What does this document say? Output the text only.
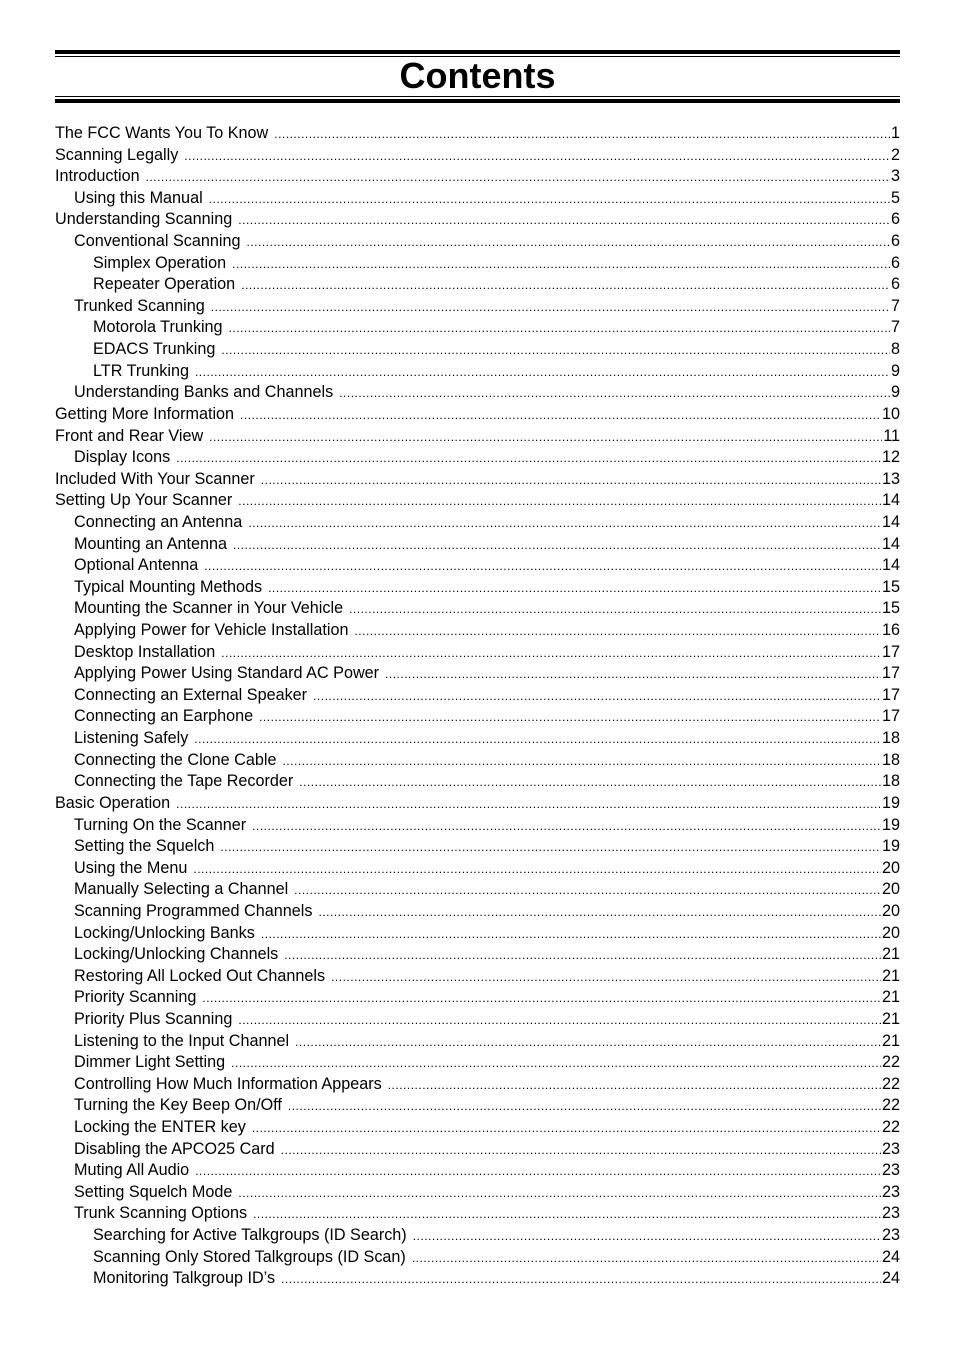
Contents
The FCC Wants You To Know .....	1
Scanning Legally .....	2
Introduction .....	3
Using this Manual .....	5
Understanding Scanning .....	6
Conventional Scanning .....	6
Simplex Operation .....	6
Repeater Operation .....	6
Trunked Scanning .....	7
Motorola Trunking .....	7
EDACS Trunking .....	8
LTR Trunking .....	9
Understanding Banks and Channels .....	9
Getting More Information .....	10
Front and Rear View .....	11
Display Icons .....	12
Included With Your Scanner .....	13
Setting Up Your Scanner .....	14
Connecting an Antenna .....	14
Mounting an Antenna .....	14
Optional Antenna .....	14
Typical Mounting Methods .....	15
Mounting the Scanner in Your Vehicle .....	15
Applying Power for Vehicle Installation .....	16
Desktop Installation .....	17
Applying Power Using Standard AC Power .....	17
Connecting an External Speaker .....	17
Connecting an Earphone .....	17
Listening Safely .....	18
Connecting the Clone Cable .....	18
Connecting the Tape Recorder .....	18
Basic Operation .....	19
Turning On the Scanner .....	19
Setting the Squelch .....	19
Using the Menu .....	20
Manually Selecting a Channel .....	20
Scanning Programmed Channels .....	20
Locking/Unlocking Banks .....	20
Locking/Unlocking Channels .....	21
Restoring All Locked Out Channels .....	21
Priority Scanning .....	21
Priority Plus Scanning .....	21
Listening to the Input Channel .....	21
Dimmer Light Setting .....	22
Controlling How Much Information Appears .....	22
Turning the Key Beep On/Off .....	22
Locking the ENTER key .....	22
Disabling the APCO25 Card .....	23
Muting All Audio .....	23
Setting Squelch Mode .....	23
Trunk Scanning Options .....	23
Searching for Active Talkgroups (ID Search) .....	23
Scanning Only Stored Talkgroups (ID Scan) .....	24
Monitoring Talkgroup ID’s .....	24
